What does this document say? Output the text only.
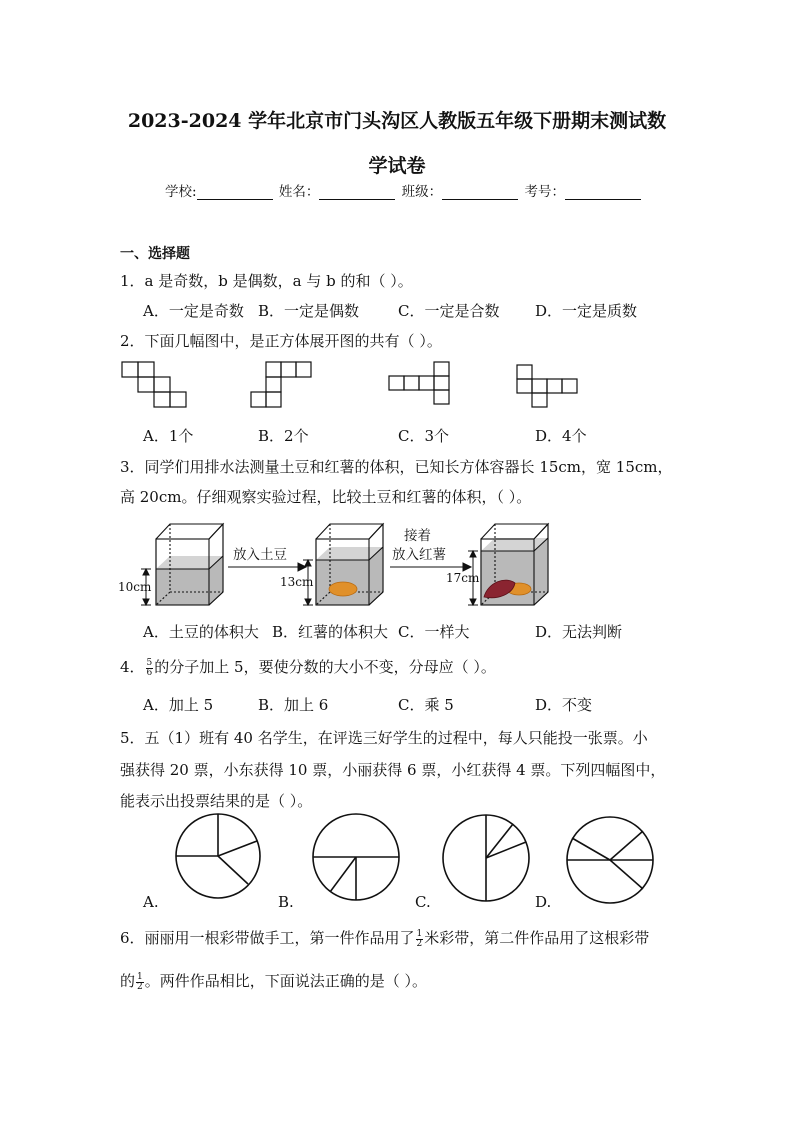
2023-2024 学年北京市门头沟区人教版五年级下册期末测试数
学试卷
学校:	姓名：	班级：	考号：
一、选择题
1．a 是奇数，b 是偶数，a 与 b 的和（ ）。
A．一定是奇数 B．一定是偶数	C．一定是合数 D．一定是质数
2．下面几幅图中，是正方体展开图的共有（ ）。
10cm	13cm	17cm
放入土豆
接着
放入红薯
A．1个	B．2个	C．3个	D．4个
3．同学们用排水法测量土豆和红薯的体积，已知长方体容器长 15cm，宽 15cm，
高 20cm。仔细观察实验过程，比较土豆和红薯的体积，（ ）。
A．土豆的体积大 B．红薯的体积大 C．一样大	D．无法判断
4． $\frac{5}{6}$ 的分子加上 5，要使分数的大小不变，分母应（ ）。
A．加上 5	B．加上 6	C．乘 5	D．不变
5．五（1）班有 40 名学生，在评选三好学生的过程中，每人只能投一张票。小
强获得 20 票，小东获得 10 票，小丽获得 6 票，小红获得 4 票。下列四幅图中，
能表示出投票结果的是（ ）。
A.	B.	C.	D.
6．丽丽用一根彩带做手工，第一件作品用了 $\frac{1}{2}$ 米彩带，第二件作品用了这根彩带
的 $\frac{1}{2}$ 。两件作品相比，下面说法正确的是（ ）。
